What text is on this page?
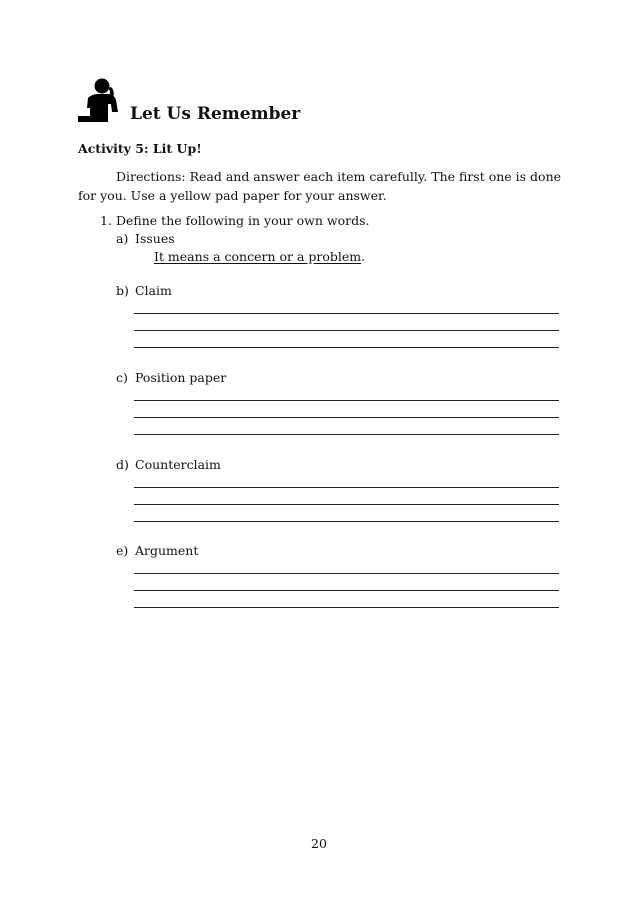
Let Us Remember
Activity 5: Lit Up!
Directions: Read and answer each item carefully. The first one is done for you. Use a yellow pad paper for your answer.
1. Define the following in your own words.
a) Issues
It means a concern or a problem.
b) Claim
c) Position paper
d) Counterclaim
e) Argument
20
